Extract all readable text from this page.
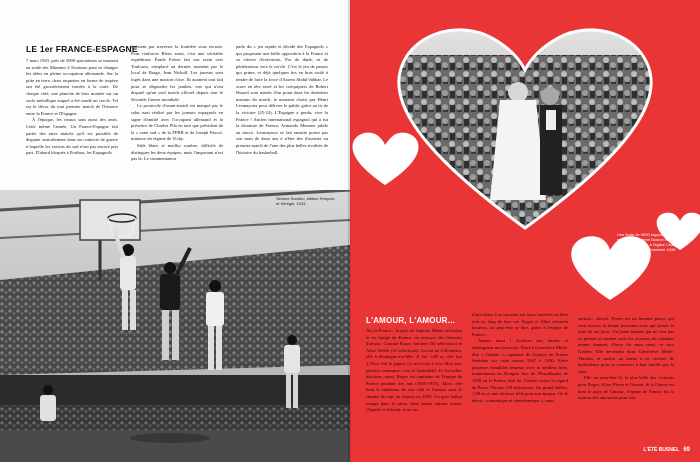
LE 1er FRANCE-ESPAGNE

7 mars 1943, près de 5000 spectateurs se massent au stade des Minimes à Toulouse pour se changer les idées en pleine occupation allemande. Sur la pitte en terre, deux raquettes en forme de trapèze ont été grossièrement tracées à la craie. De chaque côté, une planche de bois montée sur un socle métallique auquel a été soudé un cercle. Tel est le décor du tout premier match de l'histoire entre la France et l'Espagne.

À l'époque, les rivaux sont aussi des amis. Cette même l'année, Un France-Espagne fait partie des rares matchs qu'il est possible de disputer amicalement dans un contexte de guerre à laquelle les voisins du sud n'ont pas encore pris part. D'abord bloqués à Portbou, les Espagnols

finissent par traverser la frontière sous escorte. Pour renforcer Bleus aussi, c'est une véritable expédition. Émile Frézot fait son vrain vers Toulouse, remplacé au dernier moment par le local de Braga, Jean Nicholl. Les joueurs sont logés dans une maison close. Ils auraient tout fait pour se dégourdir les jambes, eux qui n'ont disputé qu'un seul match officiel depuis tout le Seconde Guerre mondiale.

Le protocole d'avant-match est marqué par le salut nazi réalisé par les joueurs espagnols en signe d'amitié avec l'occupant allemand et la présence de Charles Pila en tant que président de la « zone sud » de la FFBB et de Joseph Pascot, ministre du régime de Vichy.

Sitôt blanc et maillot sombre, difficile de distinguer les deux équipes, mais l'important n'est pas là. Le commentateur

parle du « jeu rapide et décidé des Espagnols » qui proposent une belle opposition à la France et sa vitesse d'exécution. Par de dunk, ni de pénétrations vers le cercle. C'est le jeu de passes qui prime, et déjà quelques tirs en bras roulé à tendre de faire la force d'Assem Abdul-Jabbar. Le score en tête serré et les coéquipiers de Robert Busnel sont menés d'un point dans les dernières instants du match, le moment choisi par Henri Lesmayoux pour délivrer le public grâce au tir de la victoire (25-24). L'Espagne a perdu, vive la France ! Ancien international espagnol qui a fui la dictature de Franco, Armando Meunier jubile au micro. Lesmayoux se fait ensuite porter par son nom de deux ans à n'être des d'assister au premier match de l'une des plus belles rivalités de l'histoire du basketball.

Simone Sandhu, édition Tempolo et Sérégie, 1943.
Une foule de 5000 supporters pour le mariage de Robert Busnel et Geneviève Merle, à l'église Chargé-Bonassieu, le 11 décembre 1946.
L'AMOUR, L'AMOUR...

Ah, la France... le pays de l'amour. Même au basket et en équipe de France, on retrouve des histoires d'amour. Comme Roger Antoine (56 sélections) et Alice Sellier (31 sélections). Un est né à Bouzetin, elle à Boulogne-sur-Mer. Il fait 1,88 m, elle fait 1,70 m. Sur le papier, Ce n'est rien à voir. Mais leur passion commune, c'est le basketball. Et les belles histoires, aussi. Roger est capitaine de l'équipe de France pendant dix ans (1945-1955). Alice, elle tient le flambeau de son côté et l'amour sous le charme du cap' en l'époux en 1958. Un gros ballon orange dans le salon, deux beaux enfants autour (Agathe et Ariane), et un tas

d'anecdotes à se raconter sur leurs carrières en bleu tout au long de leur vie. Roger et Alice vécurent heureux, ou peut-être se dire, grâce à l'équipe de France...

Amour aussi ! Sachons nos larmes et échangeons nos bravades. Place à Geneviève Merle, dite « Ginette », capitaine de l'équipe de France féminine sur cette saison 1947 à 1950. Entre plusieurs brindilles heureux avec le meilleur bien, nommément en Hongrie lors de l'EuroBasket de 1950 où la France finit 4e. Ginette croise le regard de Pierre Thiolon (39 sélections). Un grand athlète, 1,88 m, et une sérieuse folle pour son époque. On le décrit « romantique et chevaleresque », mais

surtout... discret. Pierre est un homme pieux, qui veut trouver la bonne personne avec qui passer le reste de ses jours. Un jeune homme qui ne veut pas se presser et tomber sous les avances de certaines jeunes femmes. Pierre fin mon cœur, ce sera Ginette. Elle deviendra donc Geneviève Merle-Thiolon, et mettra un terme à sa carrière de basketteuse pour se consacrer à leur famille par la suite.

Elle est peut-être là, la plus belle des victoires pour Roger, Alice, Pierre et Ginette. Si la France est bien le pays de l'amour, l'équipe de France fut la maison des amoureux pour eux.

L'ÉTÉ BUSNEL 69
